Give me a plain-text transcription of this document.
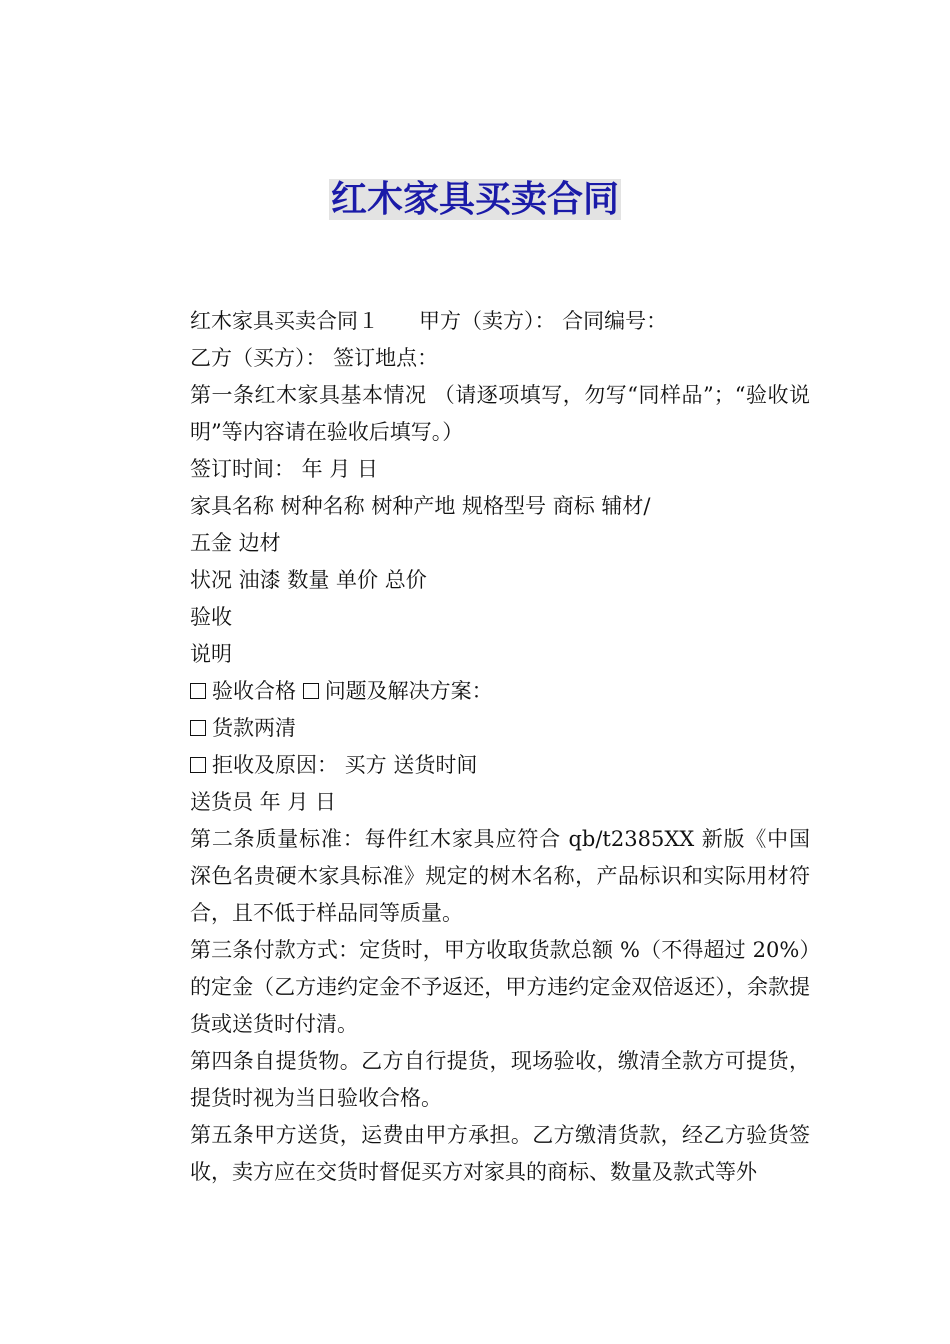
红木家具买卖合同

红木家具买卖合同１ 甲方（卖方）： 合同编号：

乙方（买方）： 签订地点：

第一条红木家具基本情况 （请逐项填写，勿写“同样品”；“验收说明”等内容请在验收后填写。）

签订时间： 年 月 日

家具名称 树种名称 树种产地 规格型号 商标 辅材/

五金 边材

状况 油漆 数量 单价 总价

验收

说明

验收合格 问题及解决方案：

货款两清

拒收及原因： 买方 送货时间

送货员 年 月 日

第二条质量标准：每件红木家具应符合 qb/t2385XX 新版《中国深色名贵硬木家具标准》规定的树木名称，产品标识和实际用材符合，且不低于样品同等质量。

第三条付款方式：定货时，甲方收取货款总额 %（不得超过 20%）的定金（乙方违约定金不予返还，甲方违约定金双倍返还），余款提货或送货时付清。

第四条自提货物。乙方自行提货，现场验收，缴清全款方可提货，提货时视为当日验收合格。

第五条甲方送货，运费由甲方承担。乙方缴清货款，经乙方验货签收，卖方应在交货时督促买方对家具的商标、数量及款式等外
